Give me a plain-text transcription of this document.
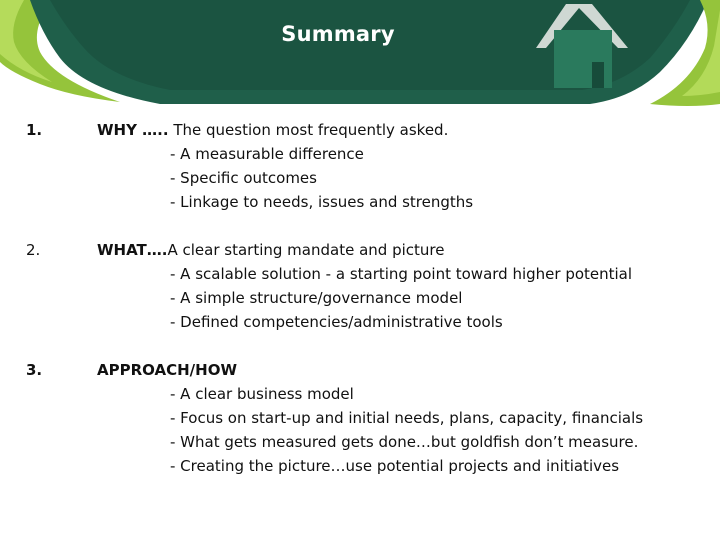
Summary
1.	WHY ….. The question most frequently asked.
- A measurable difference
- Specific outcomes
- Linkage to needs, issues and strengths
2.	WHAT….A clear starting mandate and picture
- A scalable solution - a starting point toward higher potential
- A simple structure/governance model
- Defined competencies/administrative tools
3.	APPROACH/HOW
- A clear business model
- Focus on start-up and initial needs, plans, capacity, financials
- What gets measured gets done…but goldfish don’t measure.
- Creating the picture…use potential projects and initiatives
